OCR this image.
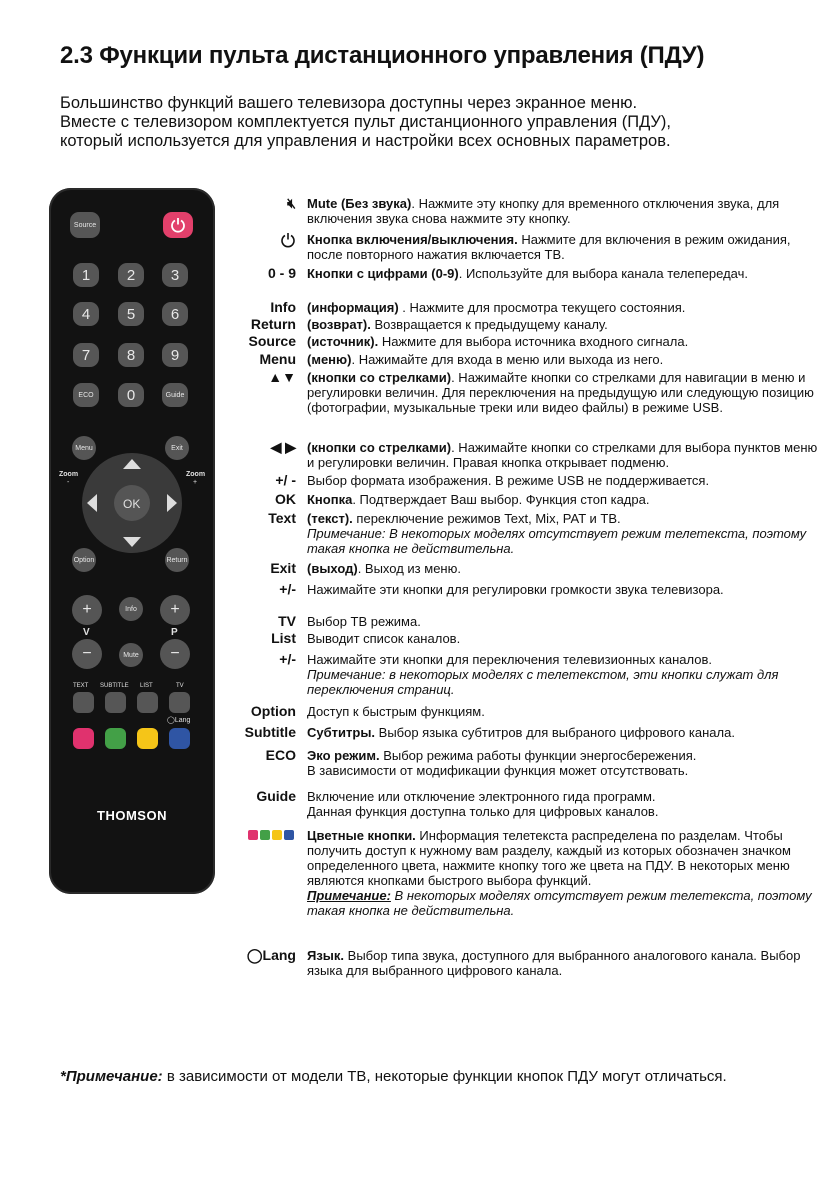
2.3 Функции пульта дистанционного управления (ПДУ)
Большинство функций вашего телевизора доступны через экранное меню.
Вместе с телевизором комплектуется пульт дистанционного управления (ПДУ),
который используется для управления и настройки всех основных параметров.
Source
1	2	3
4	5	6
7	8	9
ECO	0	Guide
Menu	Exit
Zoom
-
Zoom
+
OK
Option	Return
+	Info	+
V	P
−	Mute	−
TEXT SUBTITLE LIST	TV
◯Lang
THOMSON
🔇︎ Mute (Без звука). Нажмите эту кнопку для временного отключения звука, для включения звука снова нажмите эту кнопку.
Кнопка включения/выключения. Нажмите для включения в режим ожидания, после повторного нажатия включается ТВ.
0 - 9 Кнопки с цифрами (0-9). Используйте для выбора канала телепередач.
Info (информация) . Нажмите для просмотра текущего состояния.
Return (возврат). Возвращается к предыдущему каналу.
Source (источник). Нажмите для выбора источника входного сигнала.
Menu (меню). Нажимайте для входа в меню или выхода из него.
▲▼ (кнопки со стрелками). Нажимайте кнопки со стрелками для навигации в меню и регулировки величин. Для переключения на предыдущую или следующую позицию (фотографии, музыкальные треки или видео файлы) в режиме USB.
◀ ▶ (кнопки со стрелками). Нажимайте кнопки со стрелками для выбора пунктов меню и регулировки величин. Правая кнопка открывает подменю.
+/ - Выбор формата изображения. В режиме USB не поддерживается.
OK Кнопка. Подтверждает Ваш выбор. Функция стоп кадра.
Text (текст). переключение режимов Text, Mix, PAT и ТВ.
Примечание: В некоторых моделях отсутствует режим телетекста, поэтому такая кнопка не действительна.
Exit (выход). Выход из меню.
+/- Нажимайте эти кнопки для регулировки громкости звука телевизора.
TV Выбор ТВ режима.
List Выводит список каналов.
+/- Нажимайте эти кнопки для переключения телевизионных каналов.
Примечание: в некоторых моделях с телетекстом, эти кнопки служат для переключения страниц.
Option Доступ к быстрым функциям.
Subtitle Субтитры. Выбор языка субтитров для выбраного цифрового канала.
ECO Эко режим. Выбор режима работы функции энергосбережения.
В зависимости от модификации функция может отсутствовать.
Guide Включение или отключение электронного гида программ.
Данная функция доступна только для цифровых каналов.
Цветные кнопки. Информация телетекста распределена по разделам. Чтобы получить доступ к нужному вам разделу, каждый из которых обозначен значком определенного цвета, нажмите кнопку того же цвета на ПДУ. В некоторых меню являются кнопками быстрого выбора функций.
Примечание: В некоторых моделях отсутствует режим телетекста, поэтому такая кнопка не действительна.
◯Lang Язык. Выбор типа звука, доступного для выбранного аналогового канала. Выбор языка для выбранного цифрового канала.
*Примечание: в зависимости от модели ТВ, некоторые функции кнопок ПДУ могут отличаться.
